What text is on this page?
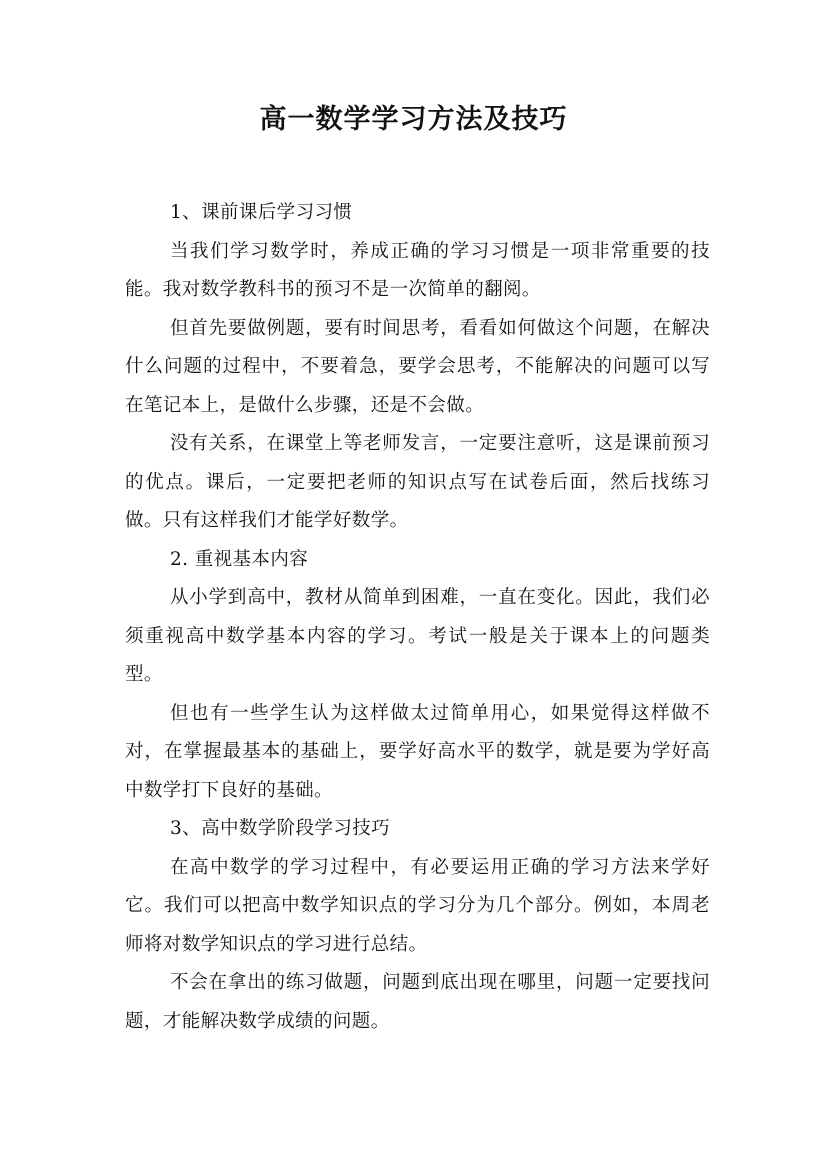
高一数学学习方法及技巧

1、课前课后学习习惯

当我们学习数学时，养成正确的学习习惯是一项非常重要的技能。我对数学教科书的预习不是一次简单的翻阅。

但首先要做例题，要有时间思考，看看如何做这个问题，在解决什么问题的过程中，不要着急，要学会思考，不能解决的问题可以写在笔记本上，是做什么步骤，还是不会做。

没有关系，在课堂上等老师发言，一定要注意听，这是课前预习的优点。课后，一定要把老师的知识点写在试卷后面，然后找练习做。只有这样我们才能学好数学。

2. 重视基本内容

从小学到高中，教材从简单到困难，一直在变化。因此，我们必须重视高中数学基本内容的学习。考试一般是关于课本上的问题类型。

但也有一些学生认为这样做太过简单用心，如果觉得这样做不对，在掌握最基本的基础上，要学好高水平的数学，就是要为学好高中数学打下良好的基础。

3、高中数学阶段学习技巧

在高中数学的学习过程中，有必要运用正确的学习方法来学好它。我们可以把高中数学知识点的学习分为几个部分。例如，本周老师将对数学知识点的学习进行总结。

不会在拿出的练习做题，问题到底出现在哪里，问题一定要找问题，才能解决数学成绩的问题。
